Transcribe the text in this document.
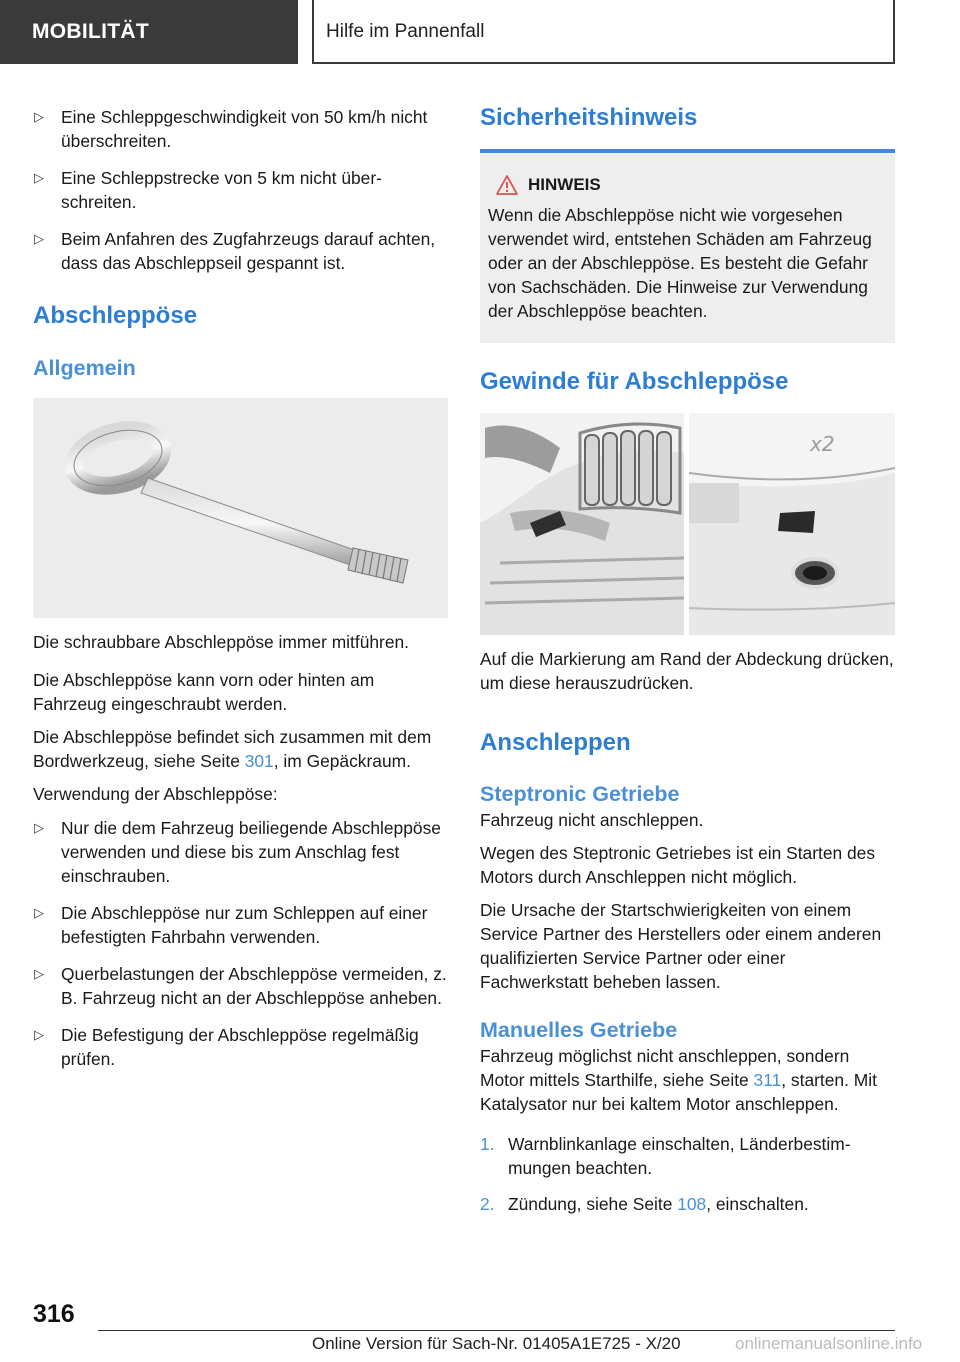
MOBILITÄT	Hilfe im Pannenfall
▷ Eine Schleppgeschwindigkeit von 50 km/h nicht überschreiten.
▷ Eine Schleppstrecke von 5 km nicht überschreiten.
▷ Beim Anfahren des Zugfahrzeugs darauf achten, dass das Abschleppseil gespannt ist.
Abschleppöse
Allgemein

Die schraubbare Abschleppöse immer mitführen.

Die Abschleppöse kann vorn oder hinten am Fahrzeug eingeschraubt werden.

Die Abschleppöse befindet sich zusammen mit dem Bordwerkzeug, siehe Seite 301, im Gepäckraum.

Verwendung der Abschleppöse:

▷ Nur die dem Fahrzeug beiliegende Abschleppöse verwenden und diese bis zum Anschlag fest einschrauben.
▷ Die Abschleppöse nur zum Schleppen auf einer befestigten Fahrbahn verwenden.
▷ Querbelastungen der Abschleppöse vermeiden, z. B. Fahrzeug nicht an der Abschleppöse anheben.
▷ Die Befestigung der Abschleppöse regelmäßig prüfen.
Sicherheitshinweis
HINWEIS
Wenn die Abschleppöse nicht wie vorgesehen verwendet wird, entstehen Schäden am Fahrzeug oder an der Abschleppöse. Es besteht die Gefahr von Sachschäden. Die Hinweise zur Verwendung der Abschleppöse beachten.
Gewinde für Abschleppöse
x2

Auf die Markierung am Rand der Abdeckung drücken, um diese herauszudrücken.

Anschleppen
Steptronic Getriebe

Fahrzeug nicht anschleppen.

Wegen des Steptronic Getriebes ist ein Starten des Motors durch Anschleppen nicht möglich.

Die Ursache der Startschwierigkeiten von einem Service Partner des Herstellers oder einem anderen qualifizierten Service Partner oder einer Fachwerkstatt beheben lassen.

Manuelles Getriebe

Fahrzeug möglichst nicht anschleppen, sondern Motor mittels Starthilfe, siehe Seite 311, starten. Mit Katalysator nur bei kaltem Motor anschleppen.

1. Warnblinkanlage einschalten, Länderbestimmungen beachten.
2. Zündung, siehe Seite 108, einschalten.
316
Online Version für Sach-Nr. 01405A1E725 - X/20	onlinemanualsonline.info
